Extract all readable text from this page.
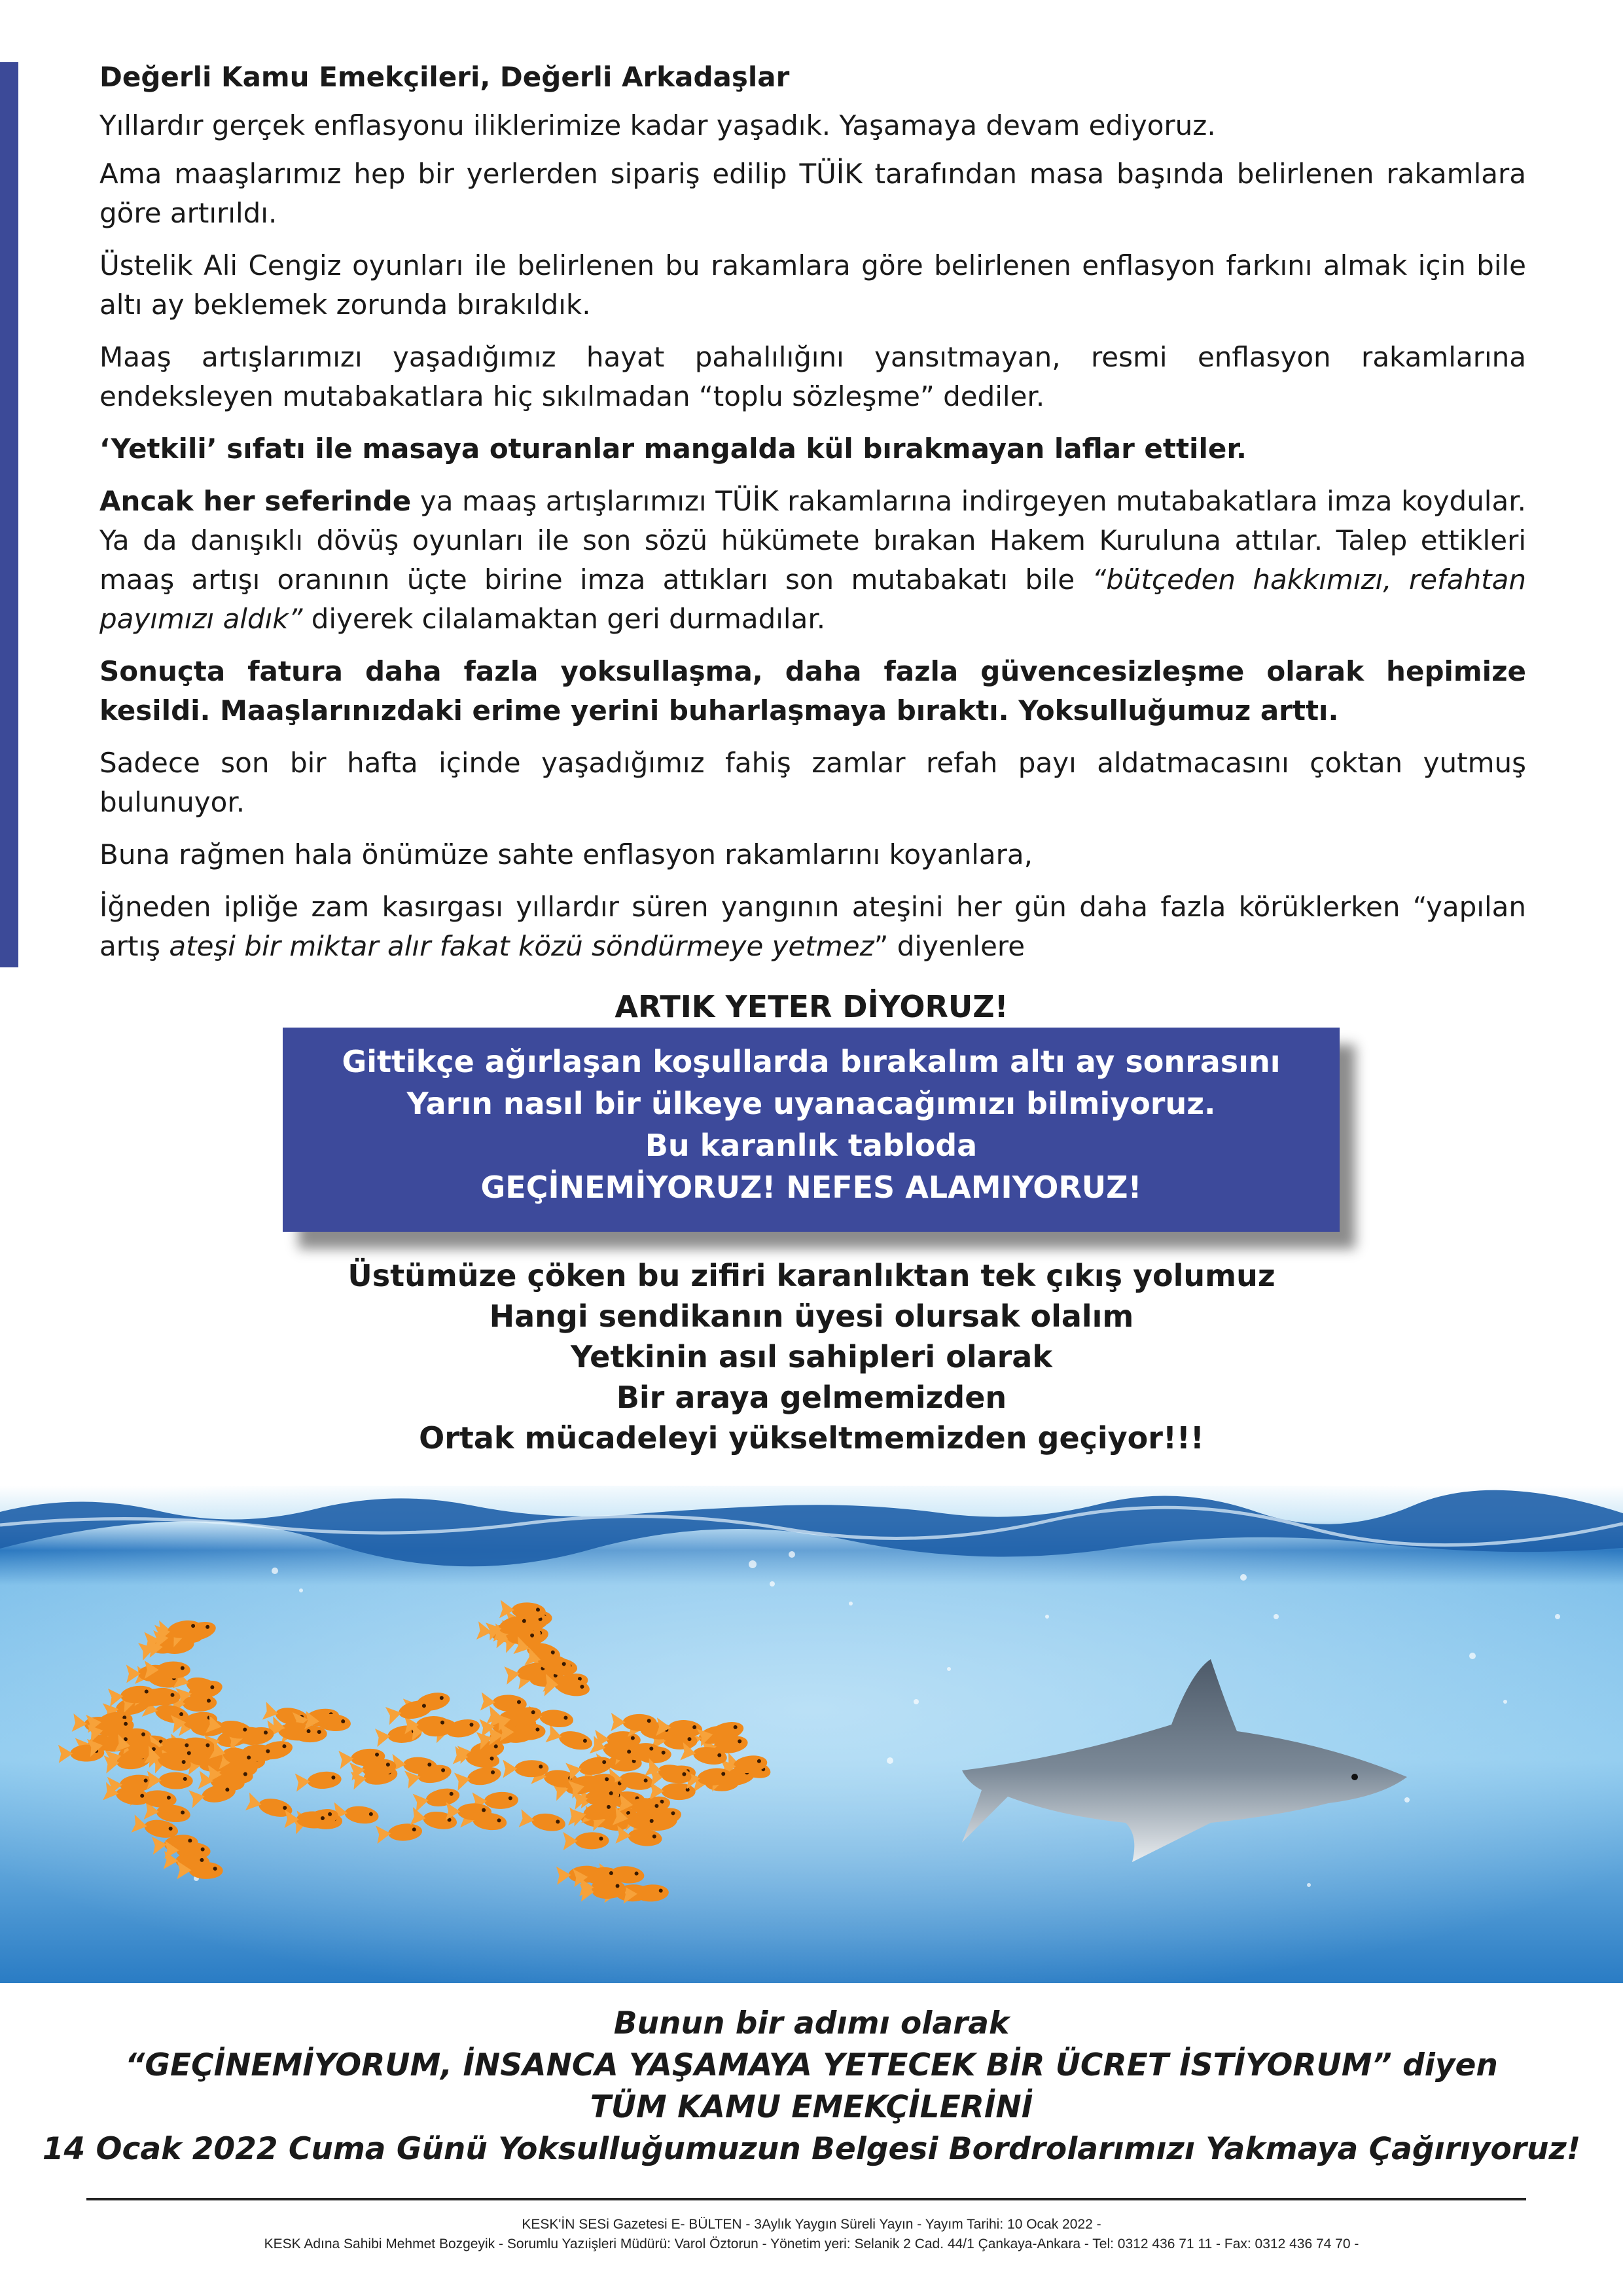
Değerli Kamu Emekçileri, Değerli Arkadaşlar

Yıllardır gerçek enflasyonu iliklerimize kadar yaşadık. Yaşamaya devam ediyoruz.

Ama maaşlarımız hep bir yerlerden sipariş edilip TÜİK tarafından masa başında belirlenen rakamlara göre artırıldı.

Üstelik Ali Cengiz oyunları ile belirlenen bu rakamlara göre belirlenen enflasyon farkını almak için bile altı ay beklemek zorunda bırakıldık.

Maaş artışlarımızı yaşadığımız hayat pahalılığını yansıtmayan, resmi enflasyon rakamlarına endeksleyen mutabakatlara hiç sıkılmadan “toplu sözleşme” dediler.

‘Yetkili’ sıfatı ile masaya oturanlar mangalda kül bırakmayan laflar ettiler.

Ancak her seferinde ya maaş artışlarımızı TÜİK rakamlarına indirgeyen mutabakatlara imza koydular. Ya da danışıklı dövüş oyunları ile son sözü hükümete bırakan Hakem Kuruluna attılar. Talep ettikleri maaş artışı oranının üçte birine imza attıkları son mutabakatı bile “bütçeden hakkımızı, refahtan payımızı aldık” diyerek cilalamaktan geri durmadılar.

Sonuçta fatura daha fazla yoksullaşma, daha fazla güvencesizleşme olarak hepimize kesildi. Maaşlarınızdaki erime yerini buharlaşmaya bıraktı. Yoksulluğumuz arttı.

Sadece son bir hafta içinde yaşadığımız fahiş zamlar refah payı aldatmacasını çoktan yutmuş bulunuyor.

Buna rağmen hala önümüze sahte enflasyon rakamlarını koyanlara,

İğneden ipliğe zam kasırgası yıllardır süren yangının ateşini her gün daha fazla körüklerken “yapılan artış ateşi bir miktar alır fakat közü söndürmeye yetmez” diyenlere

ARTIK YETER DİYORUZ!
Gittikçe ağırlaşan koşullarda bırakalım altı ay sonrasını
Yarın nasıl bir ülkeye uyanacağımızı bilmiyoruz.
Bu karanlık tabloda
GEÇİNEMİYORUZ! NEFES ALAMIYORUZ!
Üstümüze çöken bu zifiri karanlıktan tek çıkış yolumuz
Hangi sendikanın üyesi olursak olalım
Yetkinin asıl sahipleri olarak
Bir araya gelmemizden
Ortak mücadeleyi yükseltmemizden geçiyor!!!
Bunun bir adımı olarak
“GEÇİNEMİYORUM, İNSANCA YAŞAMAYA YETECEK BİR ÜCRET İSTİYORUM” diyen
TÜM KAMU EMEKÇİLERİNİ
14 Ocak 2022 Cuma Günü Yoksulluğumuzun Belgesi Bordrolarımızı Yakmaya Çağırıyoruz!
KESK'İN SESi Gazetesi E- BÜLTEN - 3Aylık Yaygın Süreli Yayın - Yayım Tarihi: 10 Ocak 2022 -
KESK Adına Sahibi Mehmet Bozgeyik - Sorumlu Yazıişleri Müdürü: Varol Öztorun - Yönetim yeri: Selanik 2 Cad. 44/1 Çankaya-Ankara - Tel: 0312 436 71 11 - Fax: 0312 436 74 70 -
